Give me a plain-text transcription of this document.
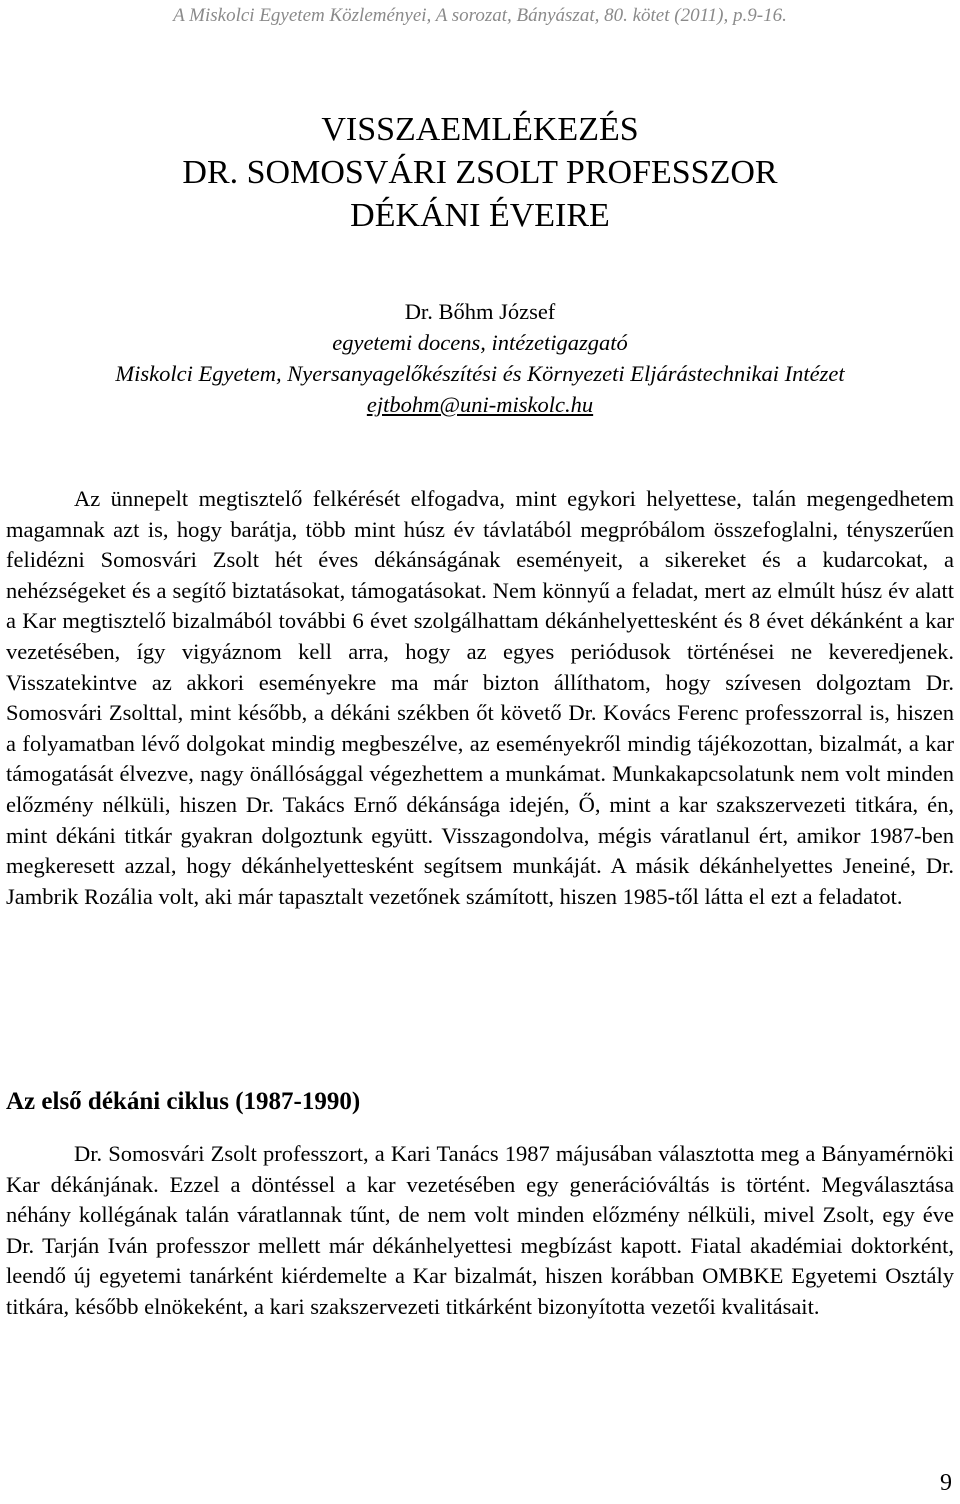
A Miskolci Egyetem Közleményei, A sorozat, Bányászat, 80. kötet (2011), p.9-16.
VISSZAEMLÉKEZÉS
DR. SOMOSVÁRI ZSOLT PROFESSZOR
DÉKÁNI ÉVEIRE
Dr. Bőhm József
egyetemi docens, intézetigazgató
Miskolci Egyetem, Nyersanyagelőkészítési és Környezeti Eljárástechnikai Intézet
ejtbohm@uni-miskolc.hu

Az ünnepelt megtisztelő felkérését elfogadva, mint egykori helyettese, talán megengedhetem magamnak azt is, hogy barátja, több mint húsz év távlatából megpróbálom összefoglalni, tényszerűen felidézni Somosvári Zsolt hét éves dékánságának eseményeit, a sikereket és a kudarcokat, a nehézségeket és a segítő biztatásokat, támogatásokat. Nem könnyű a feladat, mert az elmúlt húsz év alatt a Kar megtisztelő bizalmából további 6 évet szolgálhattam dékánhelyettesként és 8 évet dékánként a kar vezetésében, így vigyáznom kell arra, hogy az egyes periódusok történései ne keveredjenek. Visszatekintve az akkori eseményekre ma már bizton állíthatom, hogy szívesen dolgoztam Dr. Somosvári Zsolttal, mint később, a dékáni székben őt követő Dr. Kovács Ferenc professzorral is, hiszen a folyamatban lévő dolgokat mindig megbeszélve, az eseményekről mindig tájékozottan, bizalmát, a kar támogatását élvezve, nagy önállósággal végezhettem a munkámat. Munkakapcsolatunk nem volt minden előzmény nélküli, hiszen Dr. Takács Ernő dékánsága idején, Ő, mint a kar szakszervezeti titkára, én, mint dékáni titkár gyakran dolgoztunk együtt. Visszagondolva, mégis váratlanul ért, amikor 1987-ben megkeresett azzal, hogy dékánhelyettesként segítsem munkáját. A másik dékánhelyettes Jeneiné, Dr. Jambrik Rozália volt, aki már tapasztalt vezetőnek számított, hiszen 1985-től látta el ezt a feladatot.

Az első dékáni ciklus (1987-1990)

Dr. Somosvári Zsolt professzort, a Kari Tanács 1987 májusában választotta meg a Bányamérnöki Kar dékánjának. Ezzel a döntéssel a kar vezetésében egy generációváltás is történt. Megválasztása néhány kollégának talán váratlannak tűnt, de nem volt minden előzmény nélküli, mivel Zsolt, egy éve Dr. Tarján Iván professzor mellett már dékánhelyettesi megbízást kapott. Fiatal akadémiai doktorként, leendő új egyetemi tanárként kiérdemelte a Kar bizalmát, hiszen korábban OMBKE Egyetemi Osztály titkára, később elnökeként, a kari szakszervezeti titkárként bizonyította vezetői kvalitásait.

9
